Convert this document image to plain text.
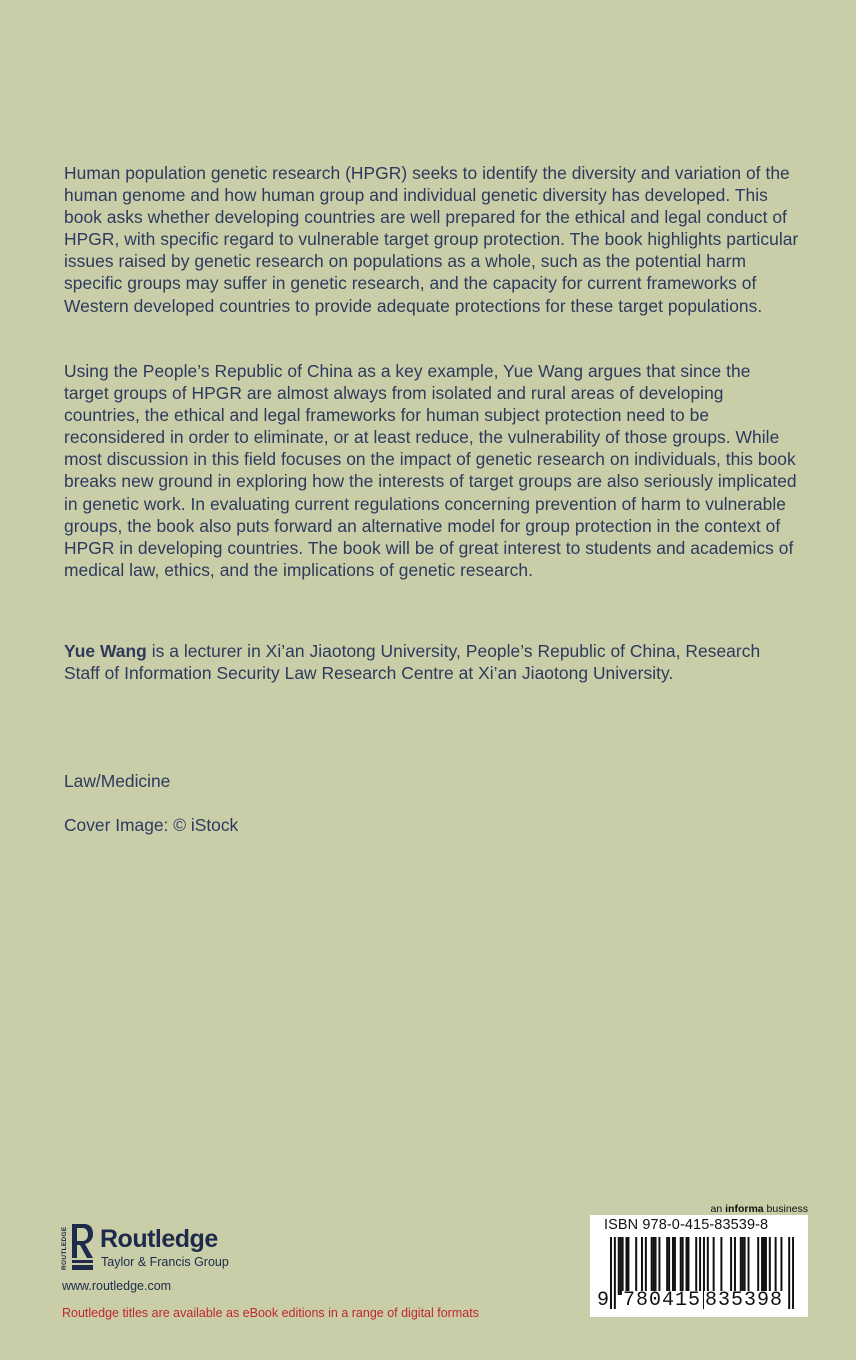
Human population genetic research (HPGR) seeks to identify the diversity and variation of the human genome and how human group and individual genetic diversity has developed. This book asks whether developing countries are well prepared for the ethical and legal conduct of HPGR, with specific regard to vulnerable target group protection. The book highlights particular issues raised by genetic research on populations as a whole, such as the potential harm specific groups may suffer in genetic research, and the capacity for current frameworks of Western developed countries to provide adequate protections for these target populations.
Using the People’s Republic of China as a key example, Yue Wang argues that since the target groups of HPGR are almost always from isolated and rural areas of developing countries, the ethical and legal frameworks for human subject protection need to be reconsidered in order to eliminate, or at least reduce, the vulnerability of those groups. While most discussion in this field focuses on the impact of genetic research on individuals, this book breaks new ground in exploring how the interests of target groups are also seriously implicated in genetic work. In evaluating current regulations concerning prevention of harm to vulnerable groups, the book also puts forward an alternative model for group protection in the context of HPGR in developing countries. The book will be of great interest to students and academics of medical law, ethics, and the implications of genetic research.
Yue Wang is a lecturer in Xi’an Jiaotong University, People’s Republic of China, Research Staff of Information Security Law Research Centre at Xi’an Jiaotong University.
Law/Medicine
Cover Image: © iStock
ROUTLEDGE Routledge
Taylor & Francis Group
www.routledge.com
Routledge titles are available as eBook editions in a range of digital formats
an informa business
ISBN 978-0-415-83539-8
9 780415 835398
